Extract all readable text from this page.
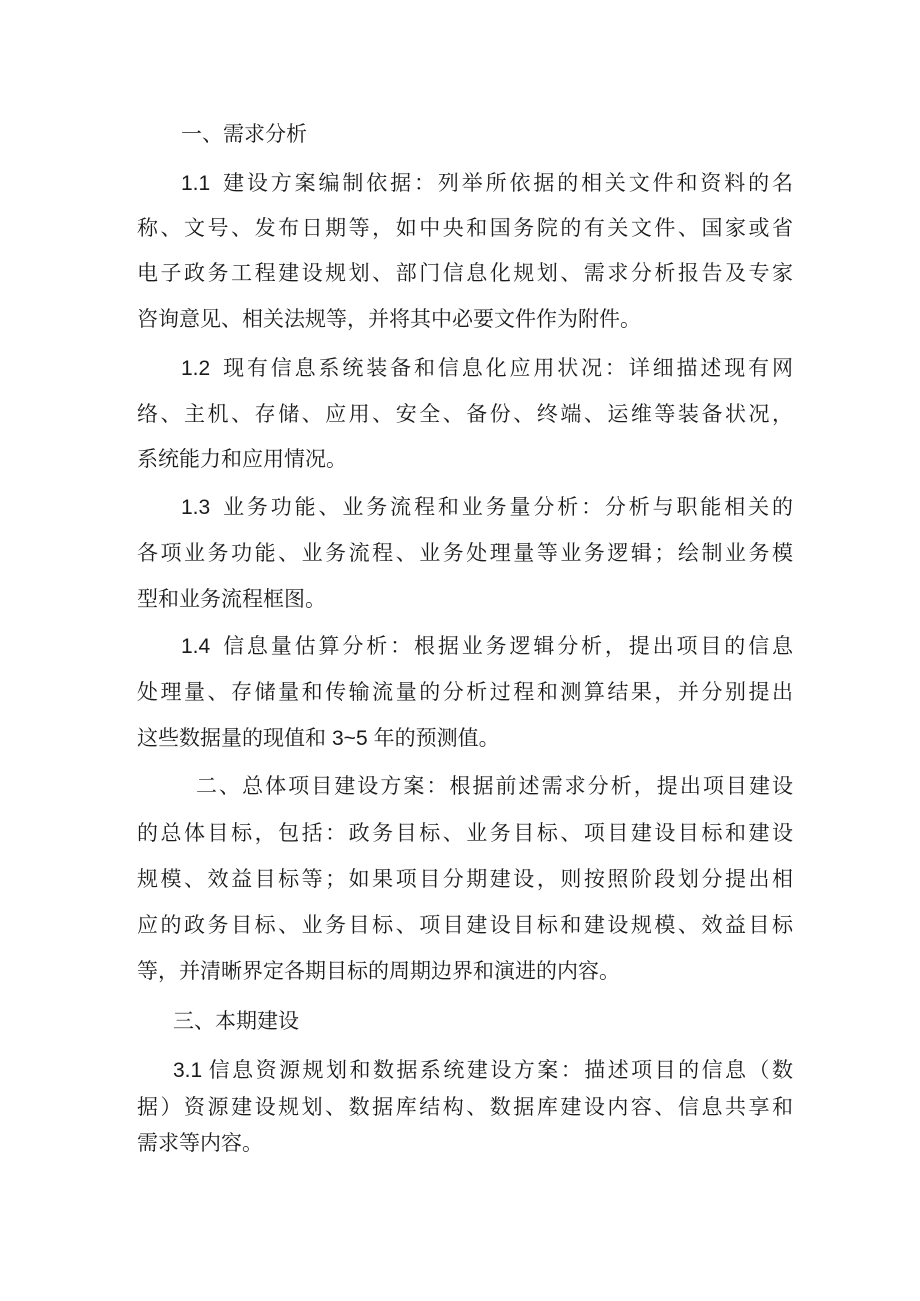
一、需求分析
1.1 建设方案编制依据：列举所依据的相关文件和资料的名
称、文号、发布日期等，如中央和国务院的有关文件、国家或省
电子政务工程建设规划、部门信息化规划、需求分析报告及专家
咨询意见、相关法规等，并将其中必要文件作为附件。
1.2 现有信息系统装备和信息化应用状况：详细描述现有网
络、主机、存储、应用、安全、备份、终端、运维等装备状况，
系统能力和应用情况。
1.3 业务功能、业务流程和业务量分析：分析与职能相关的
各项业务功能、业务流程、业务处理量等业务逻辑；绘制业务模
型和业务流程框图。
1.4 信息量估算分析：根据业务逻辑分析，提出项目的信息
处理量、存储量和传输流量的分析过程和测算结果，并分别提出
这些数据量的现值和 3~5 年的预测值。
二、总体项目建设方案：根据前述需求分析，提出项目建设
的总体目标，包括：政务目标、业务目标、项目建设目标和建设
规模、效益目标等；如果项目分期建设，则按照阶段划分提出相
应的政务目标、业务目标、项目建设目标和建设规模、效益目标
等，并清晰界定各期目标的周期边界和演进的内容。
三、本期建设
3.1 信息资源规划和数据系统建设方案：描述项目的信息（数
据）资源建设规划、数据库结构、数据库建设内容、信息共享和
需求等内容。
